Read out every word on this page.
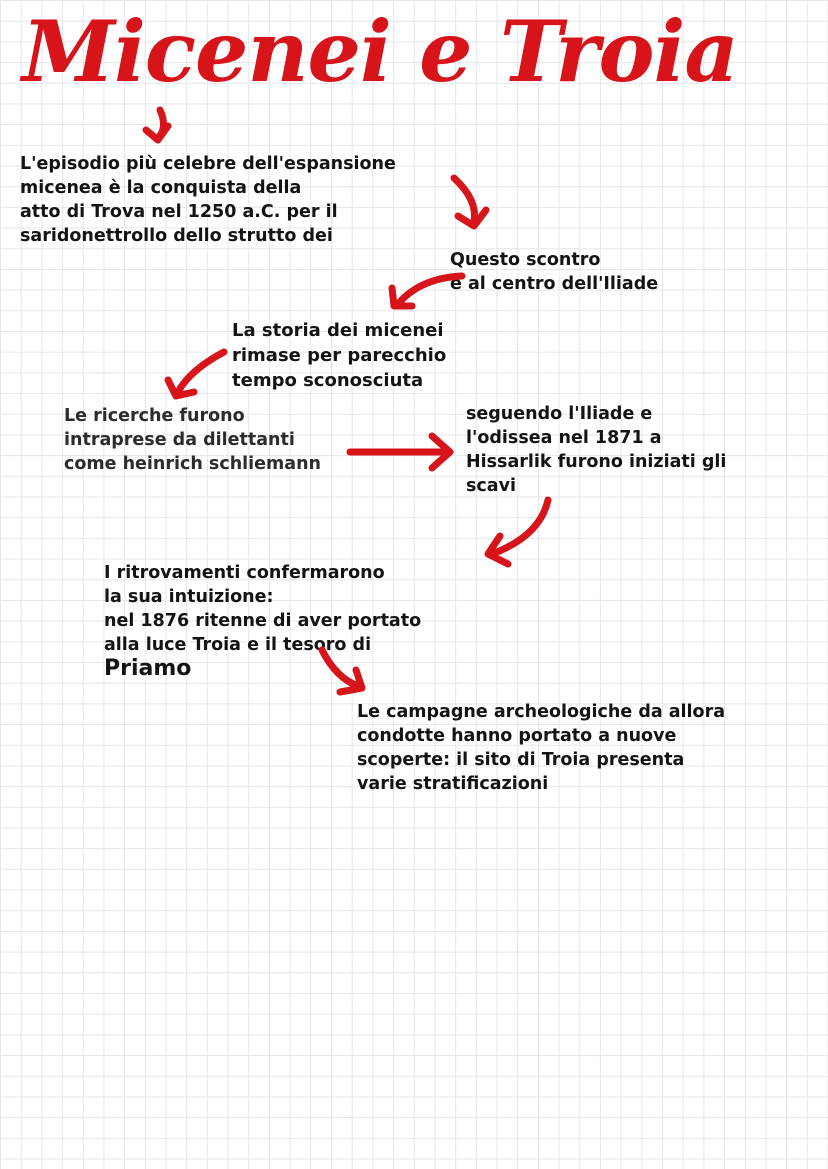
Micenei e Troia
L'episodio più celebre dell'espansione
micenea è la conquista della
atto di Trova nel 1250 a.C. per il
saridonettrollo dello strutto dei
Questo scontro
è al centro dell'Iliade
La storia dei micenei
rimase per parecchio
tempo sconosciuta
Le ricerche furono
intraprese da dilettanti
come heinrich schliemann
seguendo l'Iliade e
l'odissea nel 1871 a
Hissarlik furono iniziati gli
scavi

I ritrovamenti confermarono
la sua intuizione:
nel 1876 ritenne di aver portato
alla luce Troia e il tesoro di

Priamo

Le campagne archeologiche da allora
condotte hanno portato a nuove
scoperte: il sito di Troia presenta
varie stratificazioni
